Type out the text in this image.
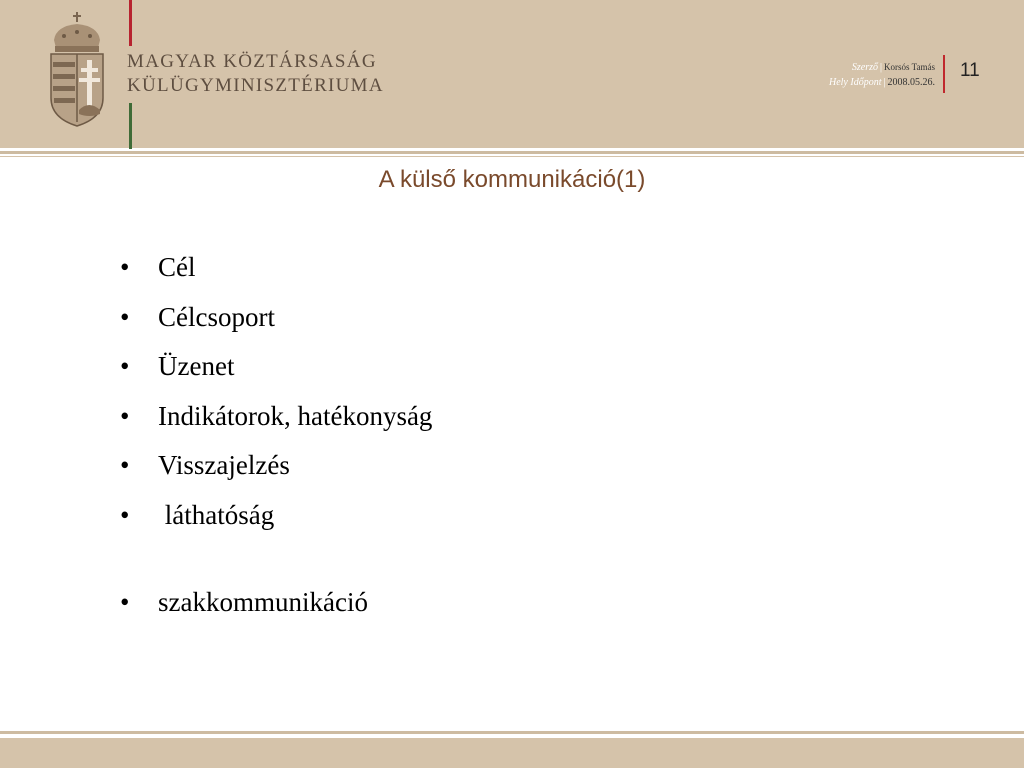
MAGYAR KÖZTÁRSASÁG
KÜLÜGYMINISZTÉRIUMA
Szerző | Korsós Tamás
Hely Időpont | 2008.05.26.
11
A külső kommunikáció(1)
• Cél
• Célcsoport
• Üzenet
• Indikátorok, hatékonyság
• Visszajelzés
• láthatóság
• szakkommunikáció
